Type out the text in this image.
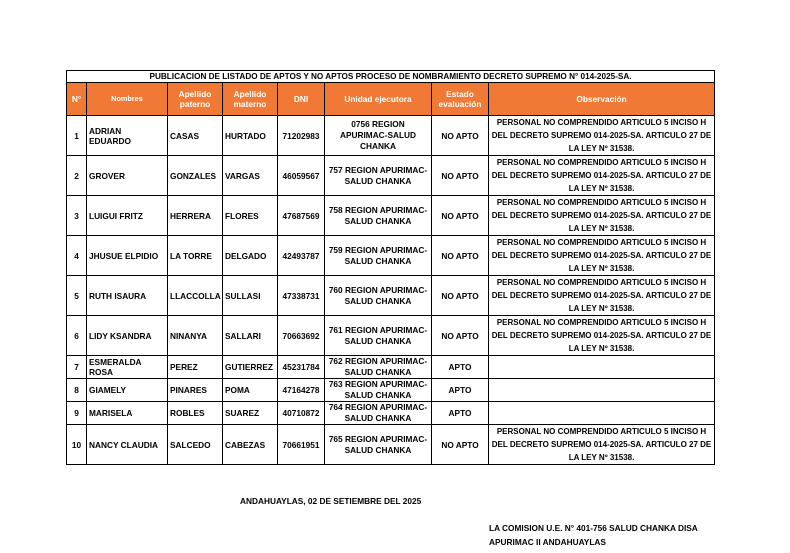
PUBLICACION DE LISTADO DE APTOS Y NO APTOS PROCESO DE NOMBRAMIENTO DECRETO SUPREMO N° 014-2025-SA.							
N°	Nombres	Apellido paterno	Apellido materno	DNI	Unidad ejecutora	Estado evaluación	Observación
1	ADRIAN EDUARDO	CASAS	HURTADO	71202983	0756 REGION APURIMAC-SALUD CHANKA	NO APTO	PERSONAL NO COMPRENDIDO ARTICULO 5 INCISO H DEL DECRETO SUPREMO 014-2025-SA. ARTICULO 27 DE LA LEY Nº 31538.
2	GROVER	GONZALES	VARGAS	46059567	757 REGION APURIMAC-SALUD CHANKA	NO APTO	PERSONAL NO COMPRENDIDO ARTICULO 5 INCISO H DEL DECRETO SUPREMO 014-2025-SA. ARTICULO 27 DE LA LEY Nº 31538.
3	LUIGUI FRITZ	HERRERA	FLORES	47687569	758 REGION APURIMAC-SALUD CHANKA	NO APTO	PERSONAL NO COMPRENDIDO ARTICULO 5 INCISO H DEL DECRETO SUPREMO 014-2025-SA. ARTICULO 27 DE LA LEY Nº 31538.
4	JHUSUE ELPIDIO	LA TORRE	DELGADO	42493787	759 REGION APURIMAC-SALUD CHANKA	NO APTO	PERSONAL NO COMPRENDIDO ARTICULO 5 INCISO H DEL DECRETO SUPREMO 014-2025-SA. ARTICULO 27 DE LA LEY Nº 31538.
5	RUTH ISAURA	LLACCOLLA	SULLASI	47338731	760 REGION APURIMAC-SALUD CHANKA	NO APTO	PERSONAL NO COMPRENDIDO ARTICULO 5 INCISO H DEL DECRETO SUPREMO 014-2025-SA. ARTICULO 27 DE LA LEY Nº 31538.
6	LIDY KSANDRA	NINANYA	SALLARI	70663692	761 REGION APURIMAC-SALUD CHANKA	NO APTO	PERSONAL NO COMPRENDIDO ARTICULO 5 INCISO H DEL DECRETO SUPREMO 014-2025-SA. ARTICULO 27 DE LA LEY Nº 31538.
7	ESMERALDA ROSA	PEREZ	GUTIERREZ	45231784	762 REGION APURIMAC-SALUD CHANKA	APTO	
8	GIAMELY	PINARES	POMA	47164278	763 REGION APURIMAC-SALUD CHANKA	APTO	
9	MARISELA	ROBLES	SUAREZ	40710872	764 REGION APURIMAC-SALUD CHANKA	APTO	
10	NANCY CLAUDIA	SALCEDO	CABEZAS	70661951	765 REGION APURIMAC-SALUD CHANKA	NO APTO	PERSONAL NO COMPRENDIDO ARTICULO 5 INCISO H DEL DECRETO SUPREMO 014-2025-SA. ARTICULO 27 DE LA LEY Nº 31538.
ANDAHUAYLAS, 02 DE SETIEMBRE DEL 2025
LA COMISION U.E. N° 401-756 SALUD CHANKA DISA
APURIMAC II ANDAHUAYLAS
